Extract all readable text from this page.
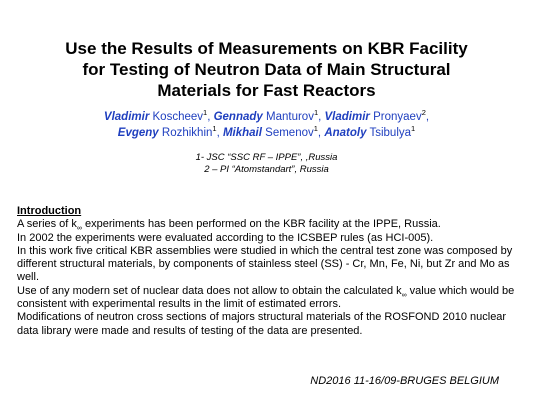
Use the Results of Measurements on KBR Facility
for Testing of Neutron Data of Main Structural
Materials for Fast Reactors
Vladimir Koscheev$^1$, Gennady Manturov$^1$, Vladimir Pronyaev$^2$,
Evgeny Rozhikhin$^1$, Mikhail Semenov$^1$, Anatoly Tsibulya$^1$
1- JSC “SSC RF – IPPE”, ,Russia
2 – PI “Atomstandart”, Russia
Introduction
A series of $k_\infty$ experiments has been performed on the KBR facility at the IPPE, Russia.
In 2002 the experiments were evaluated according to the ICSBEP rules (as HCI-005).
In this work five critical KBR assemblies were studied in which the central test zone was composed by different structural materials, by components of stainless steel (SS) - Cr, Mn, Fe, Ni, but Zr and Mo as well.
Use of any modern set of nuclear data does not allow to obtain the calculated $k_\infty$ value which would be consistent with experimental results in the limit of estimated errors.
Modifications of neutron cross sections of majors structural materials of the ROSFOND 2010 nuclear data library were made and results of testing of the data are presented.
ND2016 11-16/09-BRUGES BELGIUM
